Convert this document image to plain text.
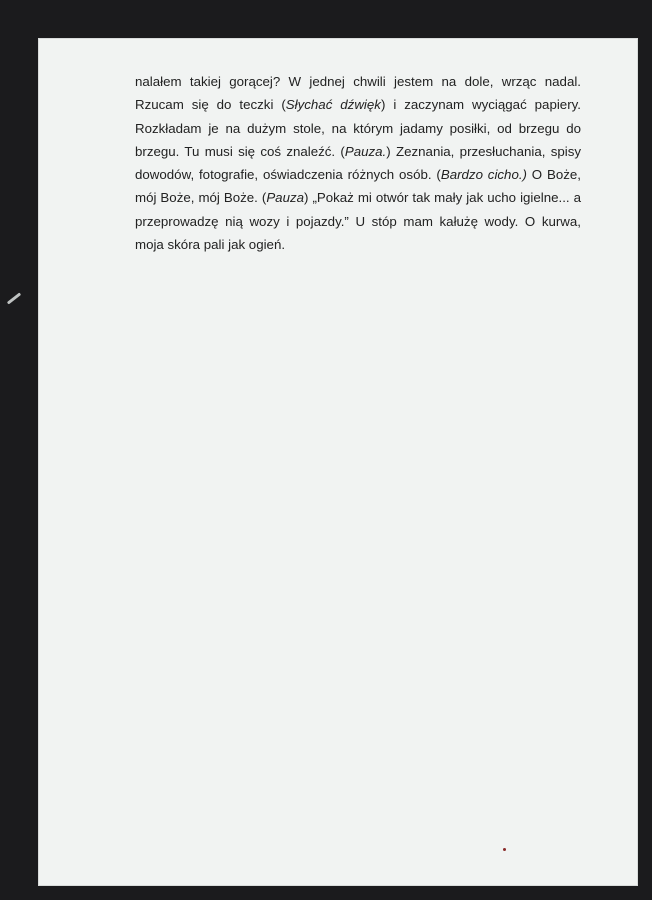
nalałem takiej gorącej? W jednej chwili jestem na dole, wrząc nadal.
Rzucam się do teczki (Słychać dźwięk) i zaczynam wyciągać papiery.
Rozkładam je na dużym stole, na którym jadamy posiłki, od brzegu do
brzegu. Tu musi się coś znaleźć. (Pauza.) Zeznania, przesłuchania, spisy
dowodów, fotografie, oświadczenia różnych osób. (Bardzo cicho.) O Boże,
mój Boże, mój Boże. (Pauza) „Pokaż mi otwór tak mały jak ucho igielne... a
przeprowadzę nią wozy i pojazdy.” U stóp mam kałużę wody. O kurwa,
moja skóra pali jak ogień.
